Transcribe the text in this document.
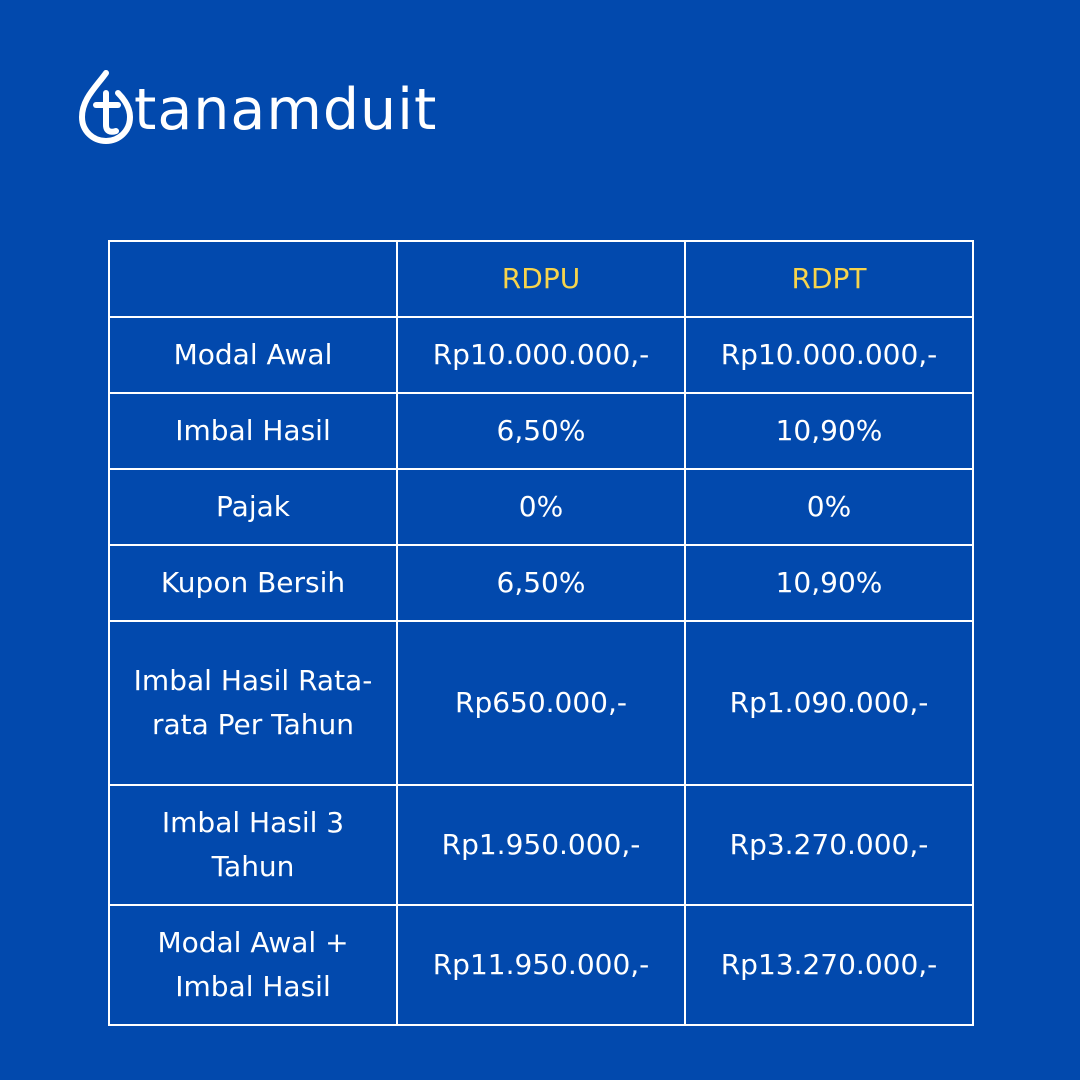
tanamduit
	RDPU	RDPT
Modal Awal	Rp10.000.000,-	Rp10.000.000,-
Imbal Hasil	6,50%	10,90%
Pajak	0%	0%
Kupon Bersih	6,50%	10,90%
Imbal Hasil Rata-rata Per Tahun	Rp650.000,-	Rp1.090.000,-
Imbal Hasil 3 Tahun	Rp1.950.000,-	Rp3.270.000,-
Modal Awal + Imbal Hasil	Rp11.950.000,-	Rp13.270.000,-
